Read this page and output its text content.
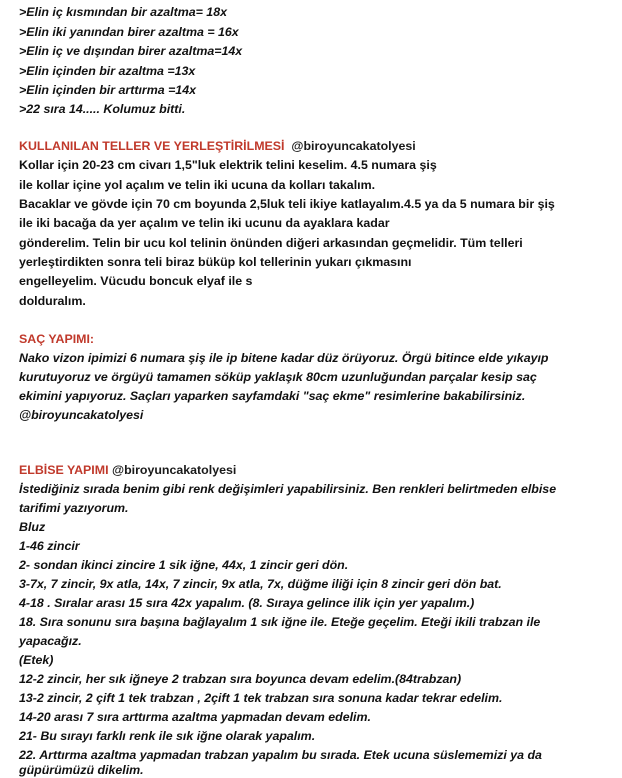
>Elin iç kısmından bir azaltma= 18x
>Elin iki yanından birer azaltma = 16x
>Elin iç ve dışından birer azaltma=14x
>Elin içinden bir azaltma =13x
>Elin içinden bir arttırma =14x
>22 sıra 14..... Kolumuz bitti.
KULLANILAN TELLER VE YERLEŞTİRİLMESİ @biroyuncakatolyesi
Kollar için 20-23 cm civarı 1,5"luk elektrik telini keselim. 4.5 numara şiş
ile kollar içine yol açalım ve telin iki ucuna da kolları takalım.
Bacaklar ve gövde için 70 cm boyunda 2,5luk teli ikiye katlayalım.4.5 ya da 5 numara bir şiş
ile iki bacağa da yer açalım ve telin iki ucunu da ayaklara kadar
gönderelim. Telin bir ucu kol telinin önünden diğeri arkasından geçmelidir. Tüm telleri
yerleştirdikten sonra teli biraz büküp kol tellerinin yukarı çıkmasını
engelleyelim. Vücudu boncuk elyaf ile s
dolduralım.
SAÇ YAPIMI:
Nako vizon ipimizi 6 numara şiş ile ip bitene kadar düz örüyoruz. Örgü bitince elde yıkayıp
kurutuyoruz ve örgüyü tamamen söküp yaklaşık 80cm uzunluğundan parçalar kesip saç
ekimini yapıyoruz. Saçları yaparken sayfamdaki "saç ekme" resimlerine bakabilirsiniz.
@biroyuncakatolyesi
ELBİSE YAPIMI @biroyuncakatolyesi
İstediğiniz sırada benim gibi renk değişimleri yapabilirsiniz. Ben renkleri belirtmeden elbise
tarifimi yazıyorum.
Bluz
1-46 zincir
2- sondan ikinci zincire 1 sik iğne, 44x, 1 zincir geri dön.
3-7x, 7 zincir, 9x atla, 14x, 7 zincir, 9x atla, 7x, düğme iliği için 8 zincir geri dön bat.
4-18 . Sıralar arası 15 sıra 42x yapalım. (8. Sıraya gelince ilik için yer yapalım.)
18. Sıra sonunu sıra başına bağlayalım 1 sık iğne ile. Eteğe geçelim. Eteği ikili trabzan ile
yapacağız.
(Etek)
12-2 zincir, her sık iğneye 2 trabzan sıra boyunca devam edelim.(84trabzan)
13-2 zincir, 2 çift 1 tek trabzan , 2çift 1 tek trabzan sıra sonuna kadar tekrar edelim.
14-20 arası 7 sıra arttırma azaltma yapmadan devam edelim.
21- Bu sırayı farklı renk ile sık iğne olarak yapalım.
22. Arttırma azaltma yapmadan trabzan yapalım bu sırada. Etek ucuna süslememizi ya da
güpürümüzü dikelim.
